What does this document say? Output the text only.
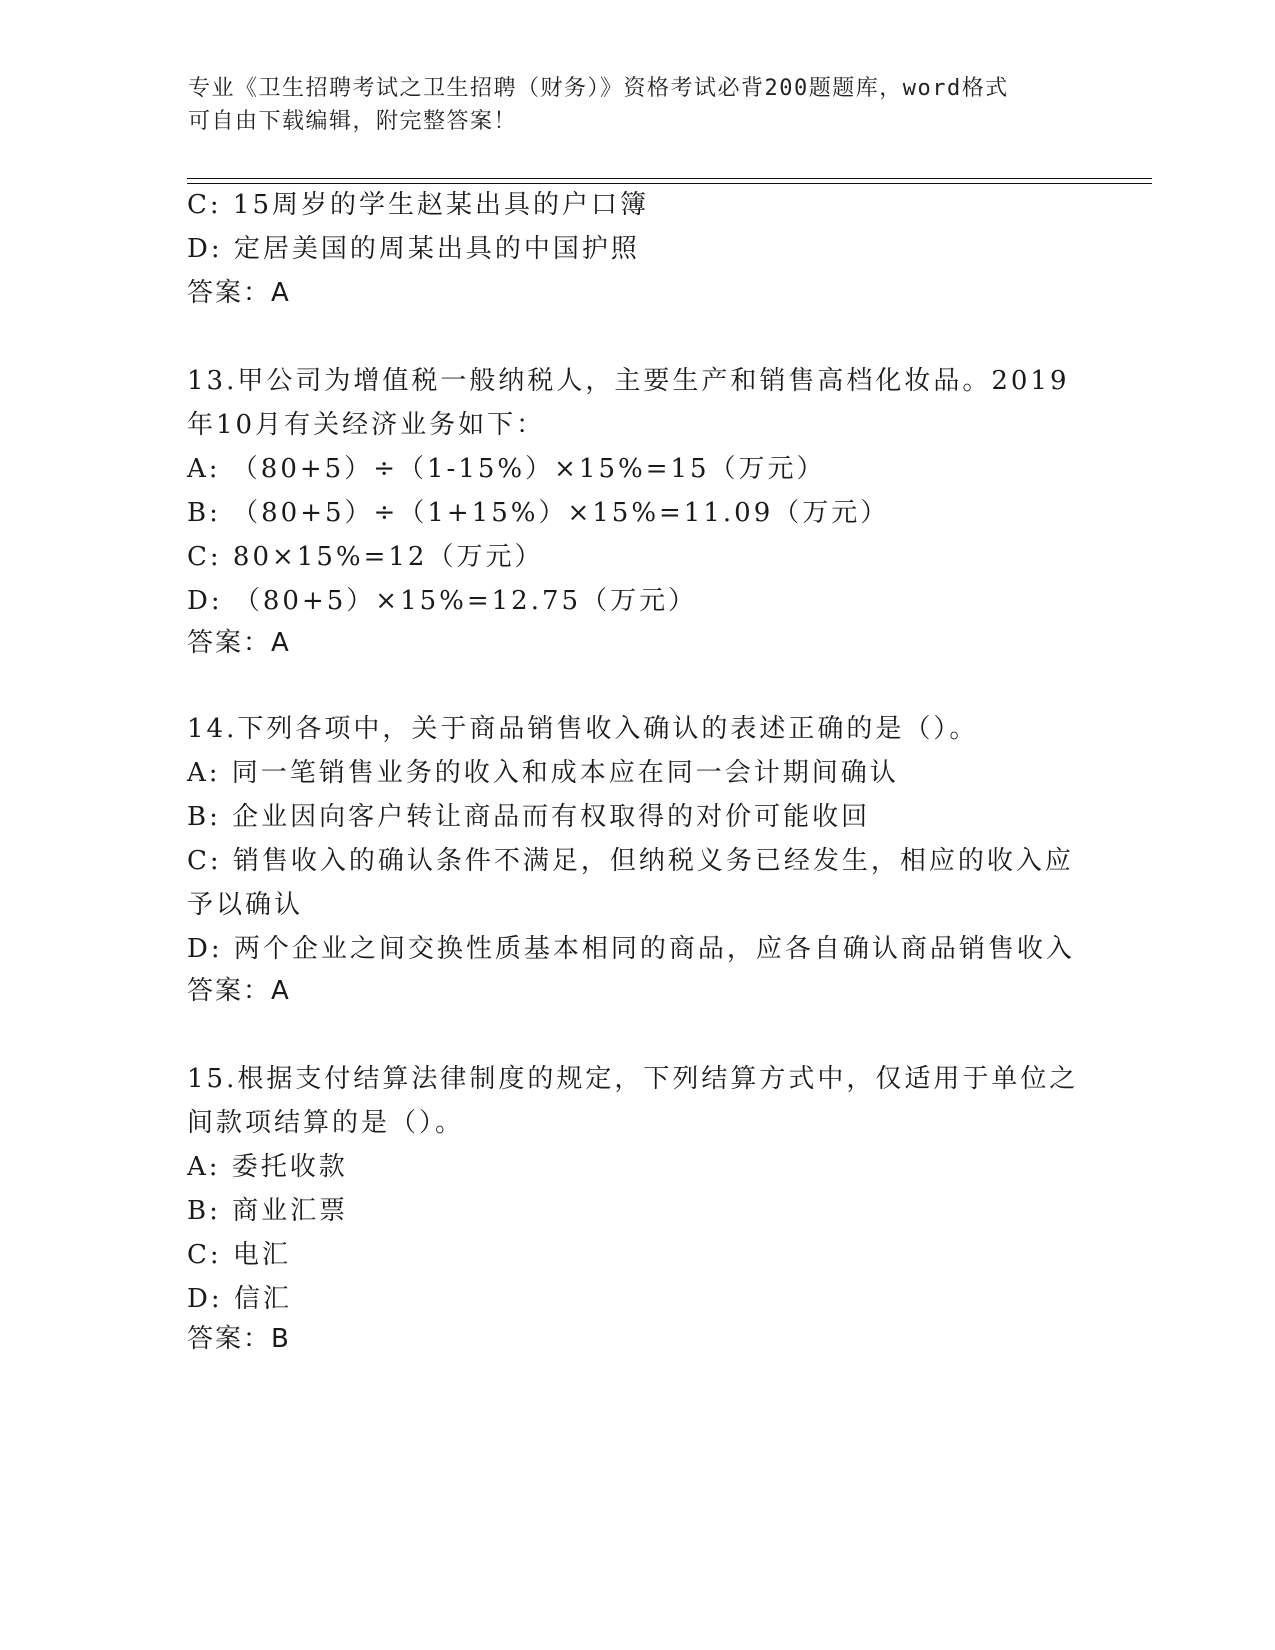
专业《卫生招聘考试之卫生招聘（财务）》资格考试必背200题题库，word格式
可自由下载编辑，附完整答案！
C: 15周岁的学生赵某出具的户口簿
D: 定居美国的周某出具的中国护照
答案：A
13.甲公司为增值税一般纳税人，主要生产和销售高档化妆品。2019
年10月有关经济业务如下：
A: （80+5）÷（1-15%）×15%=15（万元）
B: （80+5）÷（1+15%）×15%=11.09（万元）
C: 80×15%=12（万元）
D: （80+5）×15%=12.75（万元）
答案：A
14.下列各项中，关于商品销售收入确认的表述正确的是（）。
A: 同一笔销售业务的收入和成本应在同一会计期间确认
B: 企业因向客户转让商品而有权取得的对价可能收回
C: 销售收入的确认条件不满足，但纳税义务已经发生，相应的收入应
予以确认
D: 两个企业之间交换性质基本相同的商品，应各自确认商品销售收入
答案：A
15.根据支付结算法律制度的规定，下列结算方式中，仅适用于单位之
间款项结算的是（）。
A: 委托收款
B: 商业汇票
C: 电汇
D: 信汇
答案：B
